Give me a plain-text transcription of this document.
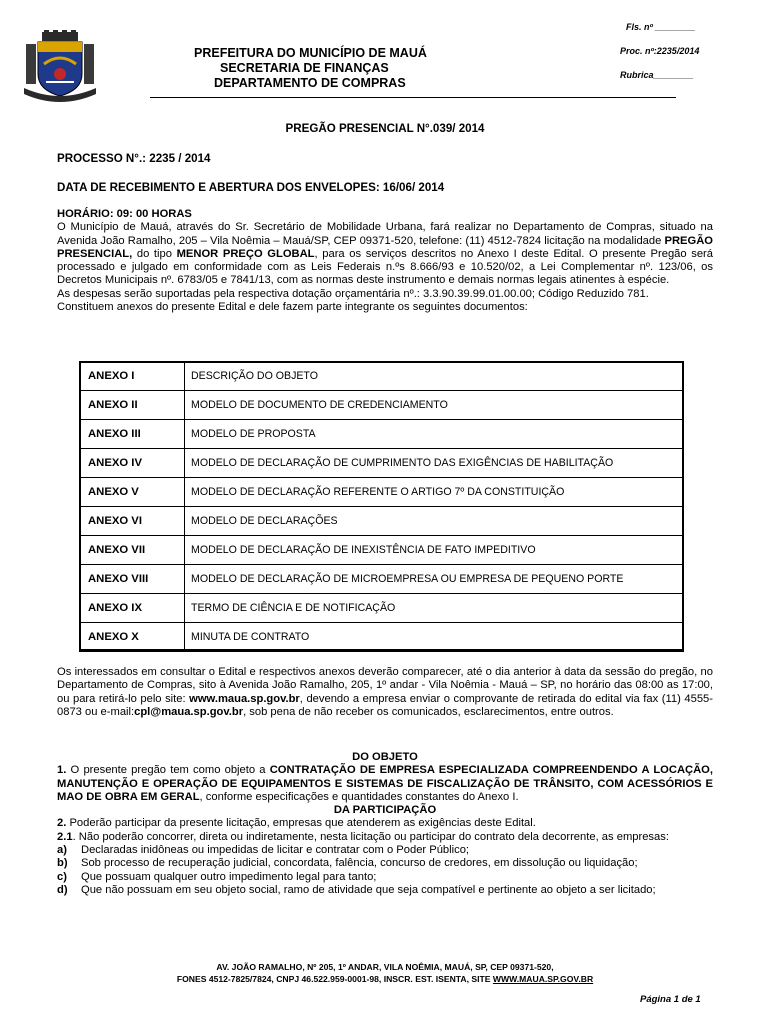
PREFEITURA DO MUNICÍPIO DE MAUÁ
SECRETARIA DE FINANÇAS
DEPARTAMENTO DE COMPRAS
Fls. nº ________
Proc. nº:2235/2014
Rubrica________
PREGÃO PRESENCIAL N°.039/ 2014
PROCESSO N°.: 2235 / 2014
DATA DE RECEBIMENTO E ABERTURA DOS ENVELOPES: 16/06/ 2014
HORÁRIO: 09: 00 HORAS
O Município de Mauá, através do Sr. Secretário de Mobilidade Urbana, fará realizar no Departamento de Compras, situado na Avenida João Ramalho, 205 – Vila Noêmia – Mauá/SP, CEP 09371-520, telefone: (11) 4512-7824 licitação na modalidade PREGÃO PRESENCIAL, do tipo MENOR PREÇO GLOBAL, para os serviços descritos no Anexo I deste Edital. O presente Pregão será processado e julgado em conformidade com as Leis Federais n.ºs 8.666/93 e 10.520/02, a Lei Complementar nº. 123/06, os Decretos Municipais nº. 6783/05 e 7841/13, com as normas deste instrumento e demais normas legais atinentes à espécie.
As despesas serão suportadas pela respectiva dotação orçamentária nº.: 3.3.90.39.99.01.00.00; Código Reduzido 781.
Constituem anexos do presente Edital e dele fazem parte integrante os seguintes documentos:
ANEXO I	DESCRIÇÃO DO OBJETO
ANEXO II	MODELO DE DOCUMENTO DE CREDENCIAMENTO
ANEXO III	MODELO DE PROPOSTA
ANEXO IV	MODELO DE DECLARAÇÃO DE CUMPRIMENTO DAS EXIGÊNCIAS DE HABILITAÇÃO
ANEXO V	MODELO DE DECLARAÇÃO REFERENTE O ARTIGO 7º DA CONSTITUIÇÃO
ANEXO VI	MODELO DE DECLARAÇÕES
ANEXO VII	MODELO DE DECLARAÇÃO DE INEXISTÊNCIA DE FATO IMPEDITIVO
ANEXO VIII	MODELO DE DECLARAÇÃO DE MICROEMPRESA OU EMPRESA DE PEQUENO PORTE
ANEXO IX	TERMO DE CIÊNCIA E DE NOTIFICAÇÃO
ANEXO X	MINUTA DE CONTRATO
Os interessados em consultar o Edital e respectivos anexos deverão comparecer, até o dia anterior à data da sessão do pregão, no Departamento de Compras, sito à Avenida João Ramalho, 205, 1º andar - Vila Noêmia - Mauá – SP, no horário das 08:00 as 17:00, ou para retirá-lo pelo site: www.maua.sp.gov.br, devendo a empresa enviar o comprovante de retirada do edital via fax (11) 4555-0873 ou e-mail:cpl@maua.sp.gov.br, sob pena de não receber os comunicados, esclarecimentos, entre outros.
DO OBJETO
1. O presente pregão tem como objeto a CONTRATAÇÃO DE EMPRESA ESPECIALIZADA COMPREENDENDO A LOCAÇÃO, MANUTENÇÃO E OPERAÇÃO DE EQUIPAMENTOS E SISTEMAS DE FISCALIZAÇÃO DE TRÂNSITO, COM ACESSÓRIOS E MAO DE OBRA EM GERAL, conforme especificações e quantidades constantes do Anexo I.
DA PARTICIPAÇÃO
2. Poderão participar da presente licitação, empresas que atenderem as exigências deste Edital.
2.1. Não poderão concorrer, direta ou indiretamente, nesta licitação ou participar do contrato dela decorrente, as empresas:
a)	Declaradas inidôneas ou impedidas de licitar e contratar com o Poder Público;
b)	Sob processo de recuperação judicial, concordata, falência, concurso de credores, em dissolução ou liquidação;
c)	Que possuam qualquer outro impedimento legal para tanto;
d)	Que não possuam em seu objeto social, ramo de atividade que seja compatível e pertinente ao objeto a ser licitado;
AV. JOÃO RAMALHO, Nº 205, 1º ANDAR, VILA NOÊMIA, MAUÁ, SP, CEP 09371-520,
FONES 4512-7825/7824, CNPJ 46.522.959-0001-98, INSCR. EST. ISENTA, SITE WWW.MAUA.SP.GOV.BR
Página 1 de 1
